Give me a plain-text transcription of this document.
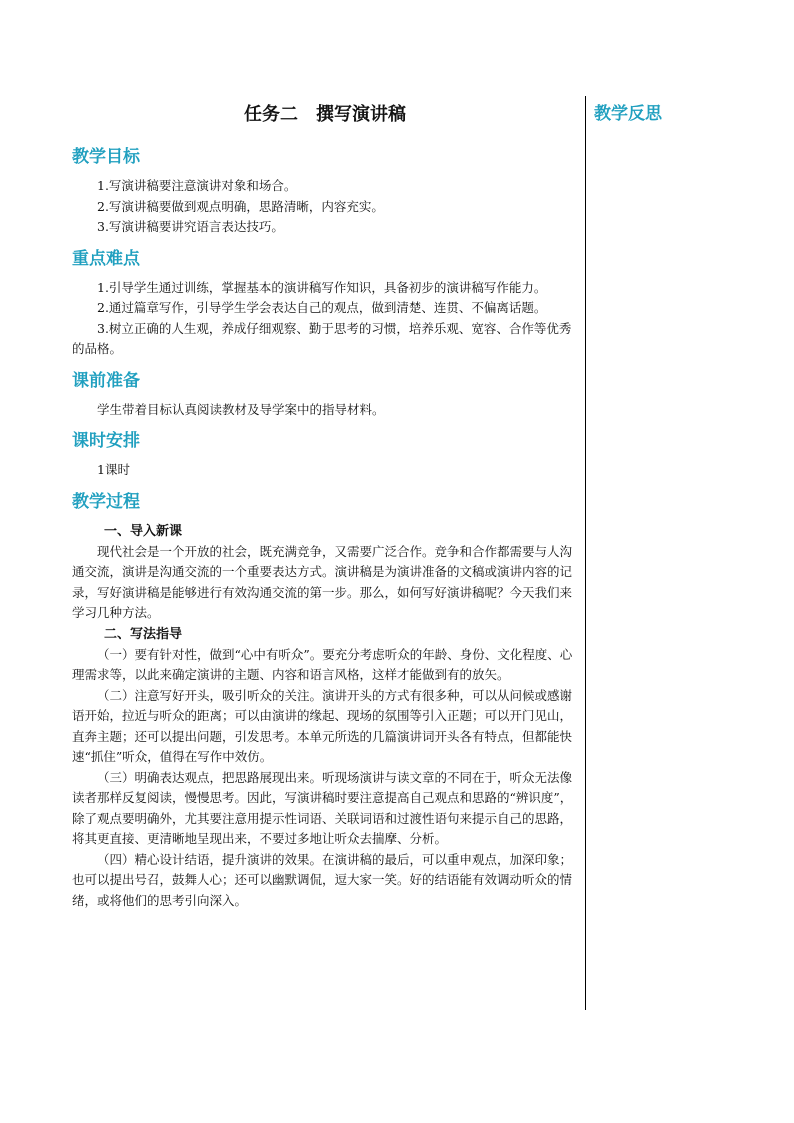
任务二　撰写演讲稿
教学目标

1.写演讲稿要注意演讲对象和场合。

2.写演讲稿要做到观点明确，思路清晰，内容充实。

3.写演讲稿要讲究语言表达技巧。

重点难点

1.引导学生通过训练，掌握基本的演讲稿写作知识，具备初步的演讲稿写作能力。

2.通过篇章写作，引导学生学会表达自己的观点，做到清楚、连贯、不偏离话题。

3.树立正确的人生观，养成仔细观察、勤于思考的习惯，培养乐观、宽容、合作等优秀的品格。

课前准备

学生带着目标认真阅读教材及导学案中的指导材料。

课时安排

1课时

教学过程

一、导入新课

现代社会是一个开放的社会，既充满竞争，又需要广泛合作。竞争和合作都需要与人沟通交流，演讲是沟通交流的一个重要表达方式。演讲稿是为演讲准备的文稿或演讲内容的记录，写好演讲稿是能够进行有效沟通交流的第一步。那么，如何写好演讲稿呢？今天我们来学习几种方法。

二、写法指导

（一）要有针对性，做到“心中有听众”。要充分考虑听众的年龄、身份、文化程度、心理需求等，以此来确定演讲的主题、内容和语言风格，这样才能做到有的放矢。

（二）注意写好开头，吸引听众的关注。演讲开头的方式有很多种，可以从问候或感谢语开始，拉近与听众的距离；可以由演讲的缘起、现场的氛围等引入正题；可以开门见山，直奔主题；还可以提出问题，引发思考。本单元所选的几篇演讲词开头各有特点，但都能快速“抓住”听众，值得在写作中效仿。

（三）明确表达观点，把思路展现出来。听现场演讲与读文章的不同在于，听众无法像读者那样反复阅读，慢慢思考。因此，写演讲稿时要注意提高自己观点和思路的“辨识度”，除了观点要明确外，尤其要注意用提示性词语、关联词语和过渡性语句来提示自己的思路，将其更直接、更清晰地呈现出来，不要过多地让听众去揣摩、分析。

（四）精心设计结语，提升演讲的效果。在演讲稿的最后，可以重申观点，加深印象；也可以提出号召，鼓舞人心；还可以幽默调侃，逗大家一笑。好的结语能有效调动听众的情绪，或将他们的思考引向深入。

教学反思
